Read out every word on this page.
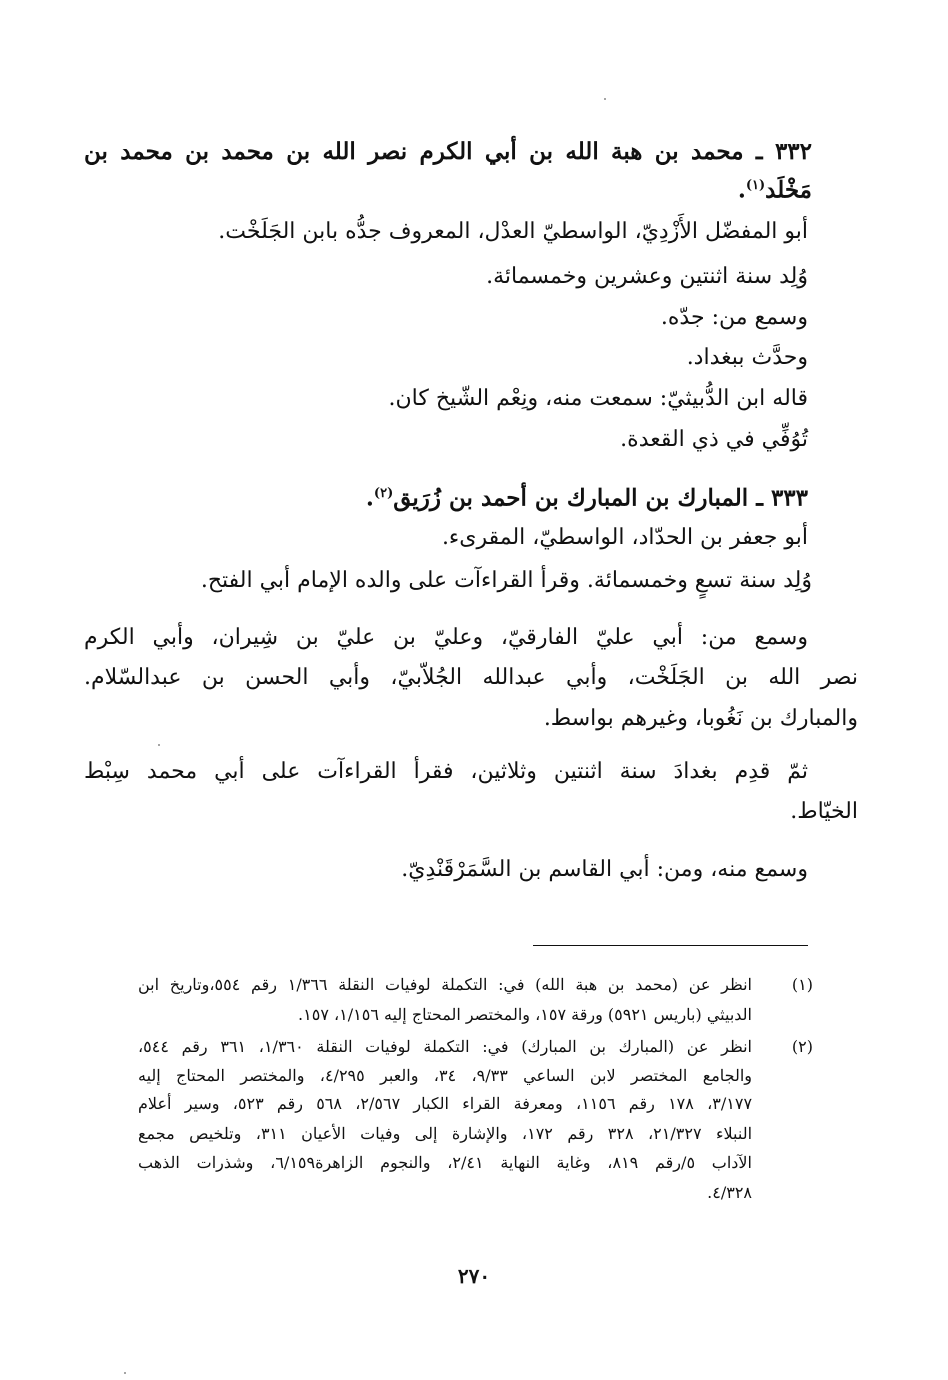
٣٣٢ ـ محمد بن هبة الله بن أبي الكرم نصر الله بن محمد بن محمد بن
مَخْلَد$^{(١)}$.
أبو المفضّل الأَزْدِيّ، الواسطيّ العدْل، المعروف جدُّه بابن الجَلَخْت.
وُلِد سنة اثنتين وعشرين وخمسمائة.
وسمع من: جدّه.
وحدَّث ببغداد.
قاله ابن الدُّبيثيّ: سمعت منه، ونِعْم الشّيخ كان.
تُوُفِّي في ذي القعدة.
٣٣٣ ـ المبارك بن المبارك بن أحمد بن زُرَيق$^{(٢)}$.
أبو جعفر بن الحدّاد، الواسطيّ، المقرىء.
وُلِد سنة تسعٍ وخمسمائة. وقرأ القراءآت على والده الإمام أبي الفتح.
وسمع من: أبي عليّ الفارقيّ، وعليّ بن عليّ بن شِيران، وأبي الكرم
نصر الله بن الجَلَخْت، وأبي عبدالله الجُلاّبيّ، وأبي الحسن بن عبدالسّلام.
والمبارك بن نَغُوبا، وغيرهم بواسط.
ثمّ قدِم بغدادَ سنة اثنتين وثلاثين، فقرأ القراءآت على أبي محمد سِبْط
الخيّاط.
وسمع منه، ومن: أبي القاسم بن السَّمَرْقَنْدِيّ.
(١)
انظر عن (محمد بن هبة الله) في: التكملة لوفيات النقلة ١/٣٦٦ رقم ٥٥٤،وتاريخ ابن
الدبيثي (باريس ٥٩٢١) ورقة ١٥٧، والمختصر المحتاج إليه ١/١٥٦، ١٥٧.
(٢)
انظر عن (المبارك بن المبارك) في: التكملة لوفيات النقلة ١/٣٦٠، ٣٦١ رقم ٥٤٤،
والجامع المختصر لابن الساعي ٩/٣٣، ٣٤، والعبر ٤/٢٩٥، والمختصر المحتاج إليه
٣/١٧٧، ١٧٨ رقم ١١٥٦، ومعرفة القراء الكبار ٢/٥٦٧، ٥٦٨ رقم ٥٢٣، وسير أعلام
النبلاء ٢١/٣٢٧، ٣٢٨ رقم ١٧٢، والإشارة إلى وفيات الأعيان ٣١١، وتلخيص مجمع
الآداب ٥/رقم ٨١٩، وغاية النهاية ٢/٤١، والنجوم الزاهرة٦/١٥٩، وشذرات الذهب
٤/٣٢٨.
٢٧٠
